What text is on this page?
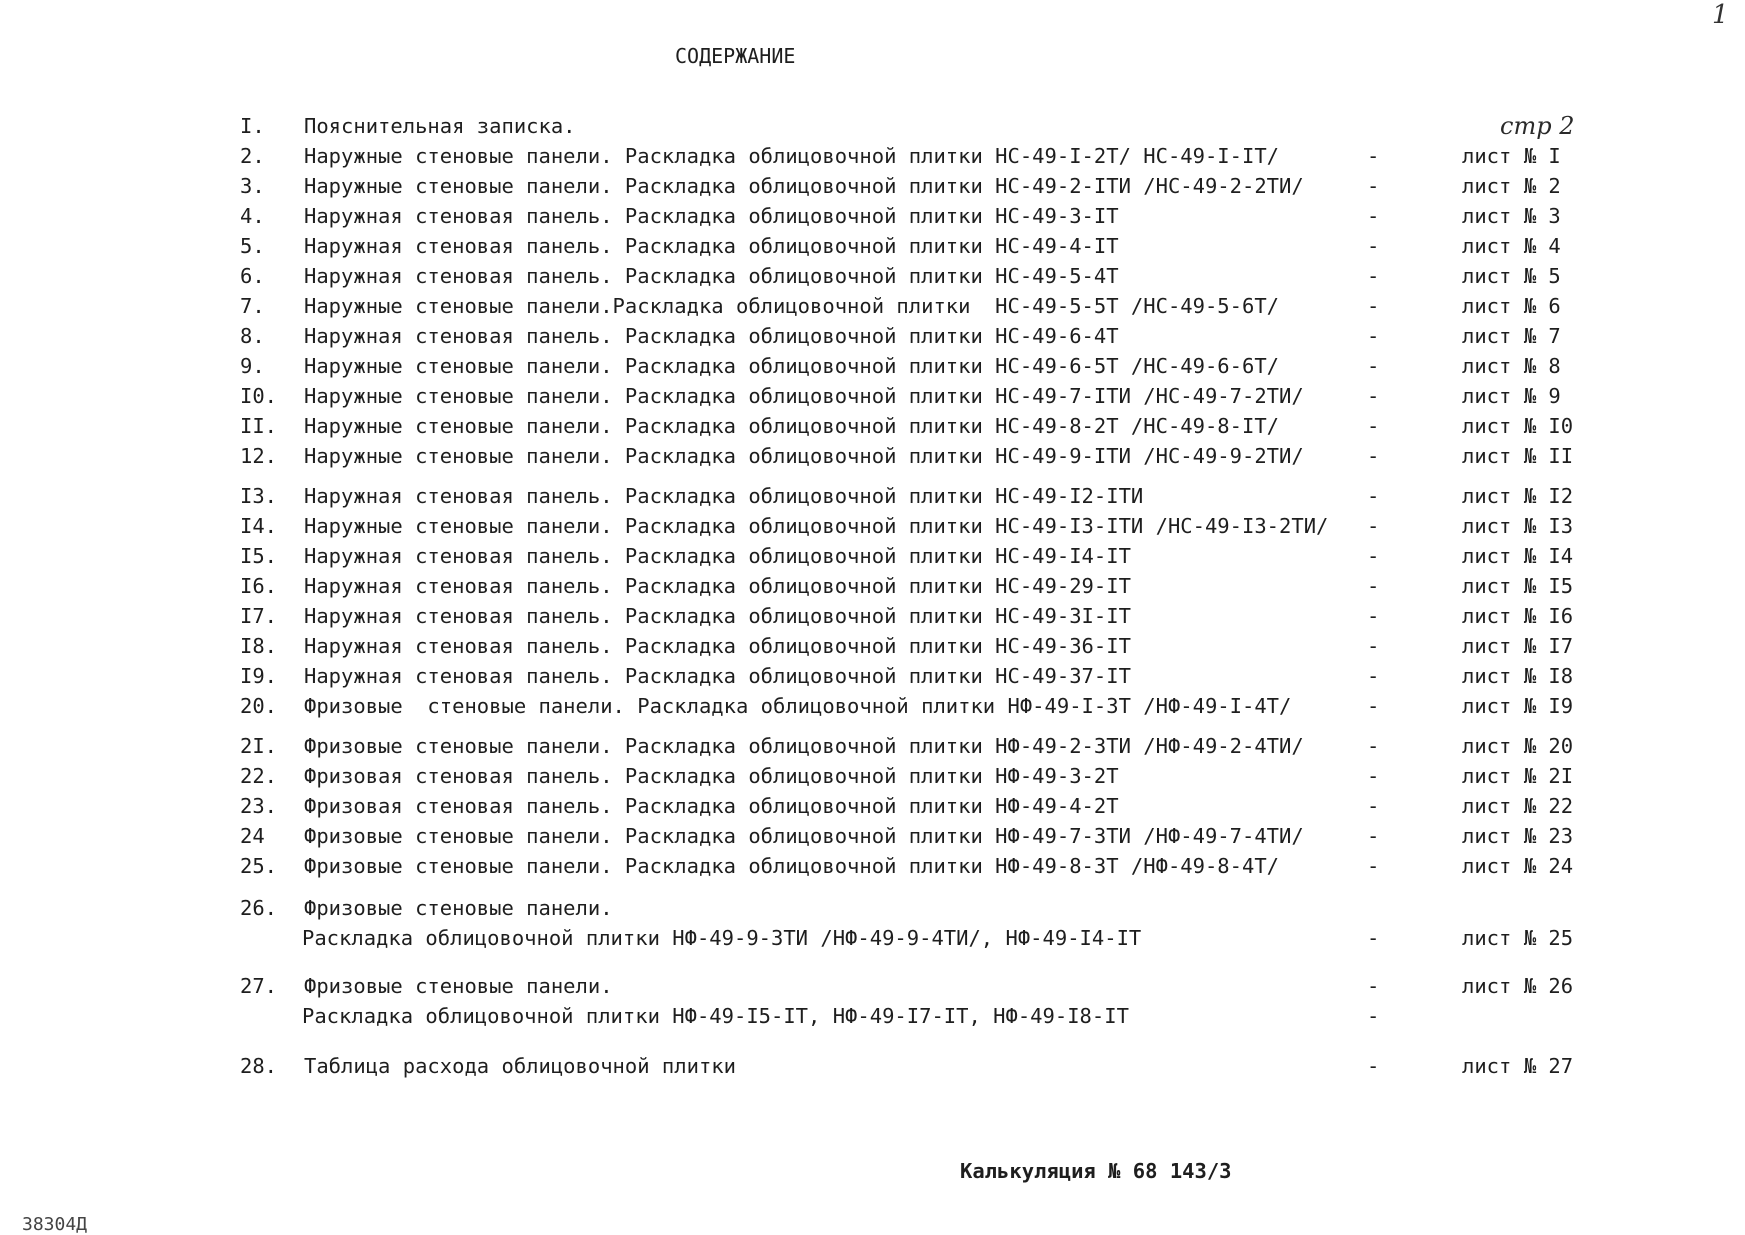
1
СОДЕРЖАНИЕ
стр 2
I. Пояснительная записка.
2. Наружные стеновые панели. Раскладка облицовочной плитки НС-49-I-2Т/ НС-49-I-IТ/	-	лист № I
3. Наружные стеновые панели. Раскладка облицовочной плитки НС-49-2-IТИ /НС-49-2-2ТИ/	-	лист № 2
4. Наружная стеновая панель. Раскладка облицовочной плитки НС-49-3-IТ	-	лист № 3
5. Наружная стеновая панель. Раскладка облицовочной плитки НС-49-4-IТ	-	лист № 4
6. Наружная стеновая панель. Раскладка облицовочной плитки НС-49-5-4Т	-	лист № 5
7. Наружные стеновые панели.Раскладка облицовочной плитки  НС-49-5-5Т /НС-49-5-6Т/	-	лист № 6
8. Наружная стеновая панель. Раскладка облицовочной плитки НС-49-6-4Т	-	лист № 7
9. Наружные стеновые панели. Раскладка облицовочной плитки НС-49-6-5Т /НС-49-6-6Т/	-	лист № 8
I0. Наружные стеновые панели. Раскладка облицовочной плитки НС-49-7-IТИ /НС-49-7-2ТИ/	-	лист № 9
II. Наружные стеновые панели. Раскладка облицовочной плитки НС-49-8-2Т /НС-49-8-IТ/	-	лист № I0
12. Наружные стеновые панели. Раскладка облицовочной плитки НС-49-9-IТИ /НС-49-9-2ТИ/	-	лист № II
I3. Наружная стеновая панель. Раскладка облицовочной плитки НС-49-I2-IТИ	-	лист № I2
I4. Наружные стеновые панели. Раскладка облицовочной плитки НС-49-I3-IТИ /НС-49-I3-2ТИ/ -	лист № I3
I5. Наружная стеновая панель. Раскладка облицовочной плитки НС-49-I4-IТ	-	лист № I4
I6. Наружная стеновая панель. Раскладка облицовочной плитки НС-49-29-IТ	-	лист № I5
I7. Наружная стеновая панель. Раскладка облицовочной плитки НС-49-3I-IТ	-	лист № I6
I8. Наружная стеновая панель. Раскладка облицовочной плитки НС-49-36-IТ	-	лист № I7
I9. Наружная стеновая панель. Раскладка облицовочной плитки НС-49-37-IТ	-	лист № I8
20. Фризовые  стеновые панели. Раскладка облицовочной плитки НФ-49-I-3Т /НФ-49-I-4Т/	-	лист № I9
2I. Фризовые стеновые панели. Раскладка облицовочной плитки НФ-49-2-3ТИ /НФ-49-2-4ТИ/	-	лист № 20
22. Фризовая стеновая панель. Раскладка облицовочной плитки НФ-49-3-2Т	-	лист № 2I
23. Фризовая стеновая панель. Раскладка облицовочной плитки НФ-49-4-2Т	-	лист № 22
24 Фризовые стеновые панели. Раскладка облицовочной плитки НФ-49-7-3ТИ /НФ-49-7-4ТИ/	-	лист № 23
25. Фризовые стеновые панели. Раскладка облицовочной плитки НФ-49-8-3Т /НФ-49-8-4Т/	-	лист № 24
26. Фризовые стеновые панели.
Раскладка облицовочной плитки НФ-49-9-3ТИ /НФ-49-9-4ТИ/, НФ-49-I4-IТ	-	лист № 25
27. Фризовые стеновые панели.	-	лист № 26
Раскладка облицовочной плитки НФ-49-I5-IТ, НФ-49-I7-IТ, НФ-49-I8-IТ	-
28. Таблица расхода облицовочной плитки	-	лист № 27
Калькуляция № 68 143/3
38304Д
